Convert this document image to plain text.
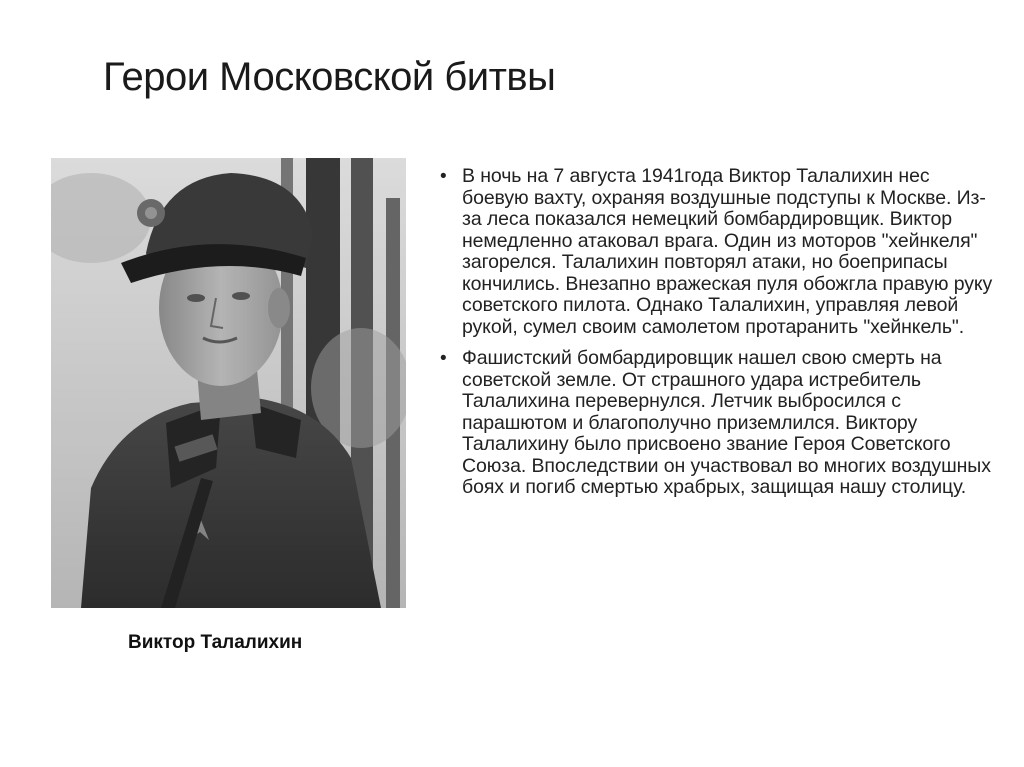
Герои Московской битвы
Виктор Талалихин
• В ночь на 7 августа 1941года Виктор Талалихин нес боевую вахту, охраняя воздушные подступы к Москве. Из-за леса показался немецкий бомбардировщик. Виктор немедленно атаковал врага. Один из моторов "хейнкеля" загорелся. Талалихин повторял атаки, но боеприпасы кончились. Внезапно вражеская пуля обожгла правую руку советского пилота. Однако Талалихин, управляя левой рукой, сумел своим самолетом протаранить "хейнкель".
• Фашистский бомбардировщик нашел свою смерть на советской земле. От страшного удара истребитель Талалихина перевернулся. Летчик выбросился с парашютом и благополучно приземлился. Виктору Талалихину было присвоено звание Героя Советского Союза. Впоследствии он участвовал во многих воздушных боях и погиб смертью храбрых, защищая нашу столицу.
